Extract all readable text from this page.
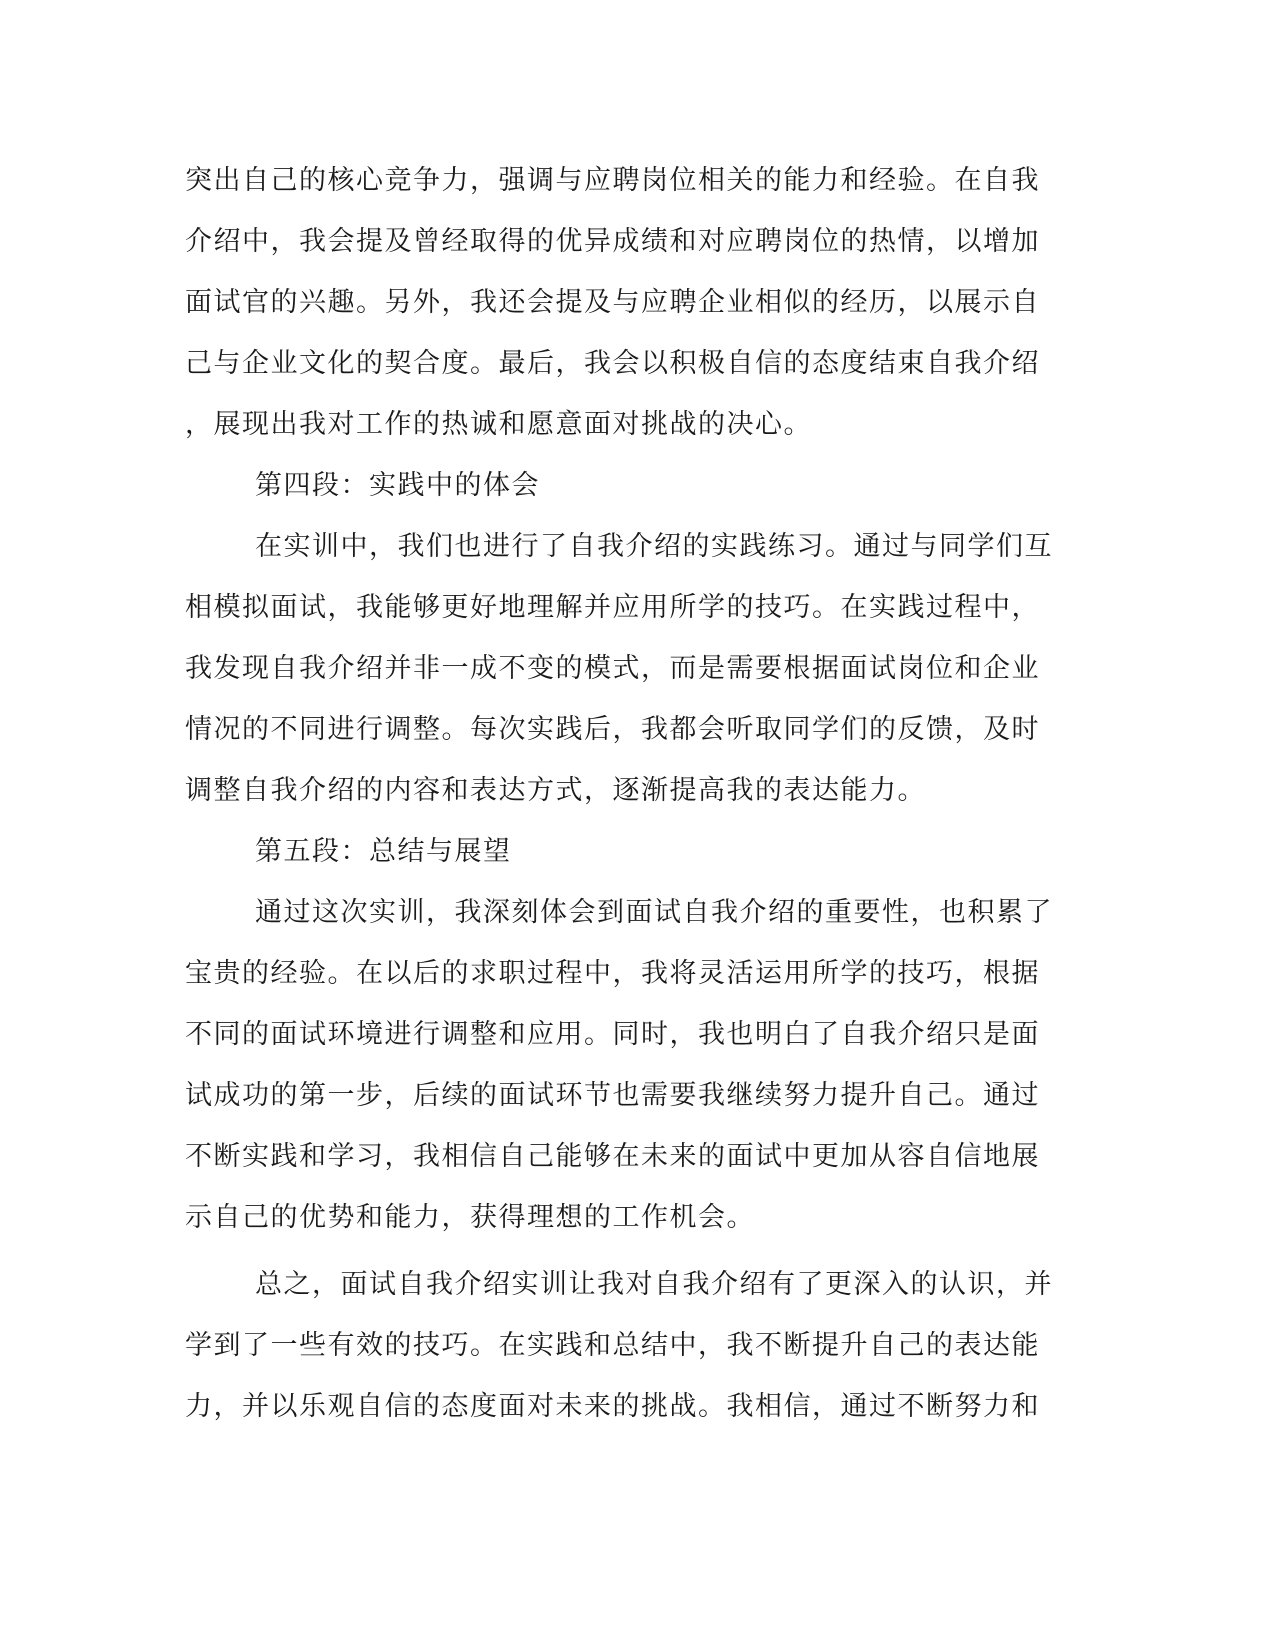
突出自己的核心竞争力，强调与应聘岗位相关的能力和经验。在自我
介绍中，我会提及曾经取得的优异成绩和对应聘岗位的热情，以增加
面试官的兴趣。另外，我还会提及与应聘企业相似的经历，以展示自
己与企业文化的契合度。最后，我会以积极自信的态度结束自我介绍
，展现出我对工作的热诚和愿意面对挑战的决心。
第四段：实践中的体会
在实训中，我们也进行了自我介绍的实践练习。通过与同学们互
相模拟面试，我能够更好地理解并应用所学的技巧。在实践过程中，
我发现自我介绍并非一成不变的模式，而是需要根据面试岗位和企业
情况的不同进行调整。每次实践后，我都会听取同学们的反馈，及时
调整自我介绍的内容和表达方式，逐渐提高我的表达能力。
第五段：总结与展望
通过这次实训，我深刻体会到面试自我介绍的重要性，也积累了
宝贵的经验。在以后的求职过程中，我将灵活运用所学的技巧，根据
不同的面试环境进行调整和应用。同时，我也明白了自我介绍只是面
试成功的第一步，后续的面试环节也需要我继续努力提升自己。通过
不断实践和学习，我相信自己能够在未来的面试中更加从容自信地展
示自己的优势和能力，获得理想的工作机会。
总之，面试自我介绍实训让我对自我介绍有了更深入的认识，并
学到了一些有效的技巧。在实践和总结中，我不断提升自己的表达能
力，并以乐观自信的态度面对未来的挑战。我相信，通过不断努力和
